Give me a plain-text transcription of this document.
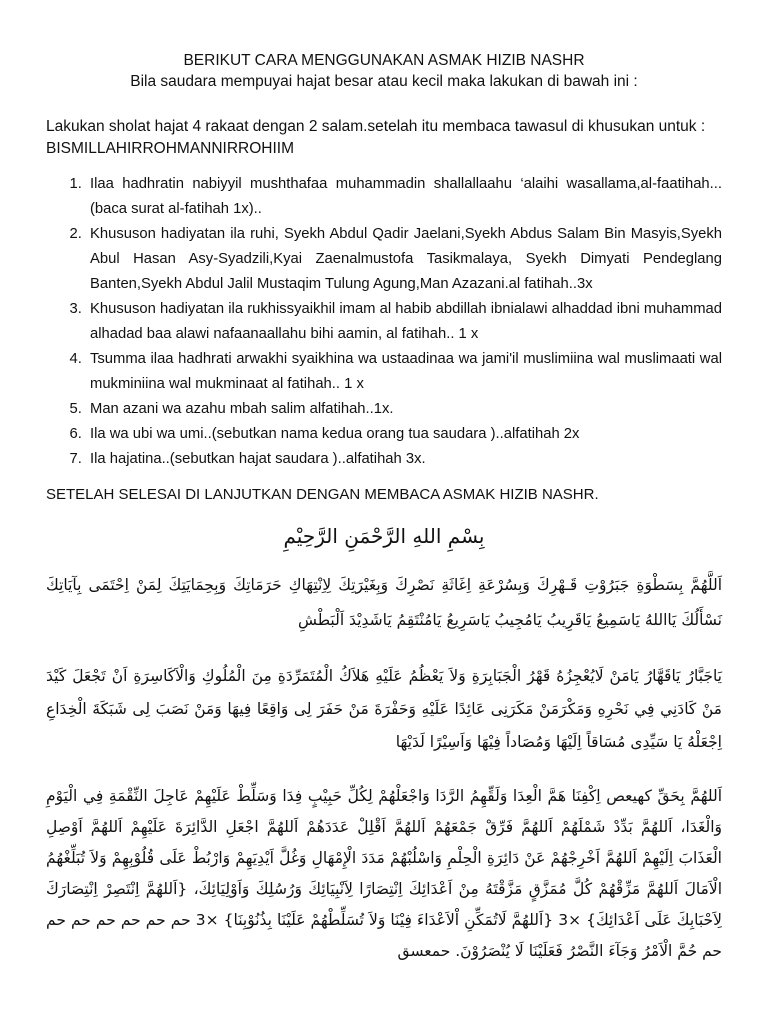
BERIKUT CARA MENGGUNAKAN ASMAK HIZIB NASHR
Bila saudara mempuyai hajat besar atau kecil maka lakukan di bawah ini :

Lakukan sholat hajat 4 rakaat dengan 2 salam.setelah itu membaca tawasul di khusukan untuk :

BISMILLAHIRROHMANNIRROHIIM

1. Ilaa hadhratin nabiyyil mushthafaa muhammadin shallallaahu ‘alaihi wasallama,al-faatihah...(baca surat al-fatihah 1x)..
2. Khususon hadiyatan ila ruhi, Syekh Abdul Qadir Jaelani,Syekh Abdus Salam Bin Masyis,Syekh Abul Hasan Asy-Syadzili,Kyai Zaenalmustofa Tasikmalaya, Syekh Dimyati Pendeglang Banten,Syekh Abdul Jalil Mustaqim Tulung Agung,Man Azazani.al fatihah..3x
3. Khususon hadiyatan ila rukhissyaikhil imam al habib abdillah ibnialawi alhaddad ibni muhammad alhadad baa alawi nafaanaallahu bihi aamin, al fatihah.. 1 x
4. Tsumma ilaa hadhrati arwakhi syaikhina wa ustaadinaa wa jami'il muslimiina wal muslimaati wal mukminiina wal mukminaat al fatihah.. 1 x
5. Man azani wa azahu mbah salim alfatihah..1x.
6. Ila wa ubi wa umi..(sebutkan nama kedua orang tua saudara )..alfatihah 2x
7. Ila hajatina..(sebutkan hajat saudara )..alfatihah 3x.
SETELAH SELESAI DI LANJUTKAN DENGAN MEMBACA ASMAK HIZIB NASHR.
بِسْمِ اللهِ الرَّحْمَنِ الرَّحِيْمِ

اَللَّهُمَّ بِسَطْوَةِ جَبَرُوْتِ قَـهْرِكَ وَبِسُرْعَةِ اِغَاثَةِ نَصْرِكَ وَبِغَيْرَتِكَ لِاِنْتِهَاكِ حَرَمَاتِكَ وَبِحِمَايَتِكَ لِمَنْ اِحْتَمَى بِآيَاتِكَ نَسْأَلُكَ يَااللهُ يَاسَمِيعُ يَاقَرِيبُ يَامُجِيبُ يَاسَرِيعُ يَامُنْتَقِمُ يَاشَدِيْدَ اَلْبَطْشِ

يَاجَبَّارُ يَاقَهَّارُ يَامَنْ لَايُعْجِزُهُ قَهْرُ الْجَبَابِرَةِ وَلاَ يَعْظُمُ عَلَيْهِ هَلاَكُ الْمُتَمَرِّدَةِ مِنَ الْمُلُوكِ وَالْاَكَاسِرَةِ اَنْ تَجْعَلَ كَيْدَ مَنْ كَادَنِي فِي نَحْرِهِ وَمَكْرَمَنْ مَكَرَنِى عَائِدًا عَلَيْهِ وَحَفْرَةَ مَنْ حَفَرَ لِى وَاقِعًا فِيهَا وَمَنْ نَصَبَ لِى شَبَكَةَ الْخِدَاعِ اِجْعَلْهُ يَا سَيِّدِى مُسَاقاً اِلَيْهَا وَمُصَاداً فِيْهَا وَاَسِيْرًا لَدَيْهَا

اَللهُمَّ بِحَقِّ كهيعص اِكْفِنَا هَمَّ الْعِدَا وَلَقِّهِمُ الرَّدَا وَاجْعَلْهُمْ لِكُلِّ حَبِيْبٍ فِدَا وَسَلِّطْ عَلَيْهِمْ عَاجِلَ النِّقْمَةِ فِي الْيَوْمِ وَالْغَدَا، اَللهُمَّ بَدِّدْ شَمْلَهُمْ اَللهُمَّ فَرِّقْ جَمْعَهُمْ اَللهُمَّ اَقْلِلْ عَدَدَهُمْ اَللهُمَّ اجْعَلِ الدَّائِرَةَ عَلَيْهِمْ اَللهُمَّ اَوْصِلِ الْعَذَابَ اِلَيْهِمْ اَللهُمَّ اَخْرِجْهُمْ عَنْ دَائِرَةِ الْحِلْمِ وَاسْلُبْهُمْ مَدَدَ الْإِمْهَالِ وَغُلَّ اَيْدِيَهِمْ وَارْبُطْ عَلَى قُلُوْبِهِمْ وَلاَ تُبَلِّغْهُمُ الْاَمَالَ اَللهُمَّ مَزِّقْهُمْ كُلَّ مُمَزَّقٍ مَزَّقْتَهُ مِنْ اَعْدَائِكَ اِنْتِصَارًا لِاَنْبِيَائِكَ وَرُسُلِكَ وَاَوْلِيَائِكَ، {اَللهُمَّ اِنْتَصِرْ اِنْتِصَارَكَ لِاَحْبَابِكَ عَلَى اَعْدَائِكَ} ×3 {اَللهُمَّ لَاتُمَكِّنِ اْلاَعْدَاءَ فِيْنَا وَلاَ تُسَلِّطْهُمْ عَلَيْنَا بِذُنُوْبِنَا} ×3 حم حم حم حم حم حم حم حُمَّ الْاَمْرُ وَجَآءَ النَّصْرُ فَعَلَيْنَا لَا يُنْصَرُوْنَ. حمعسق
